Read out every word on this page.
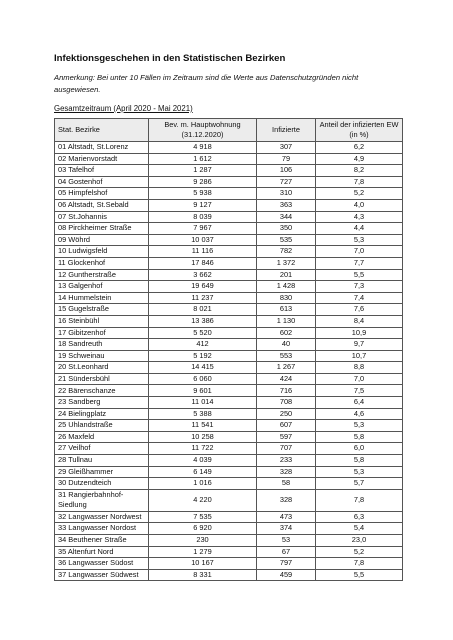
Infektionsgeschehen in den Statistischen Bezirken
Anmerkung: Bei unter 10 Fällen im Zeitraum sind die Werte aus Datenschutzgründen nicht ausgewiesen.
Gesamtzeitraum (April 2020 - Mai 2021)
Stat. Bezirke	Bev. m. Hauptwohnung (31.12.2020)	Infizierte	Anteil der infizierten EW (in %)
01 Altstadt, St.Lorenz	4 918	307	6,2
02 Marienvorstadt	1 612	79	4,9
03 Tafelhof	1 287	106	8,2
04 Gostenhof	9 286	727	7,8
05 Himpfelshof	5 938	310	5,2
06 Altstadt, St.Sebald	9 127	363	4,0
07 St.Johannis	8 039	344	4,3
08 Pirckheimer Straße	7 967	350	4,4
09 Wöhrd	10 037	535	5,3
10 Ludwigsfeld	11 116	782	7,0
11 Glockenhof	17 846	1 372	7,7
12 Guntherstraße	3 662	201	5,5
13 Galgenhof	19 649	1 428	7,3
14 Hummelstein	11 237	830	7,4
15 Gugelstraße	8 021	613	7,6
16 Steinbühl	13 386	1 130	8,4
17 Gibitzenhof	5 520	602	10,9
18 Sandreuth	412	40	9,7
19 Schweinau	5 192	553	10,7
20 St.Leonhard	14 415	1 267	8,8
21 Sündersbühl	6 060	424	7,0
22 Bärenschanze	9 601	716	7,5
23 Sandberg	11 014	708	6,4
24 Bielingplatz	5 388	250	4,6
25 Uhlandstraße	11 541	607	5,3
26 Maxfeld	10 258	597	5,8
27 Veilhof	11 722	707	6,0
28 Tullnau	4 039	233	5,8
29 Gleißhammer	6 149	328	5,3
30 Dutzendteich	1 016	58	5,7
31 Rangierbahnhof-Siedlung	4 220	328	7,8
32 Langwasser Nordwest	7 535	473	6,3
33 Langwasser Nordost	6 920	374	5,4
34 Beuthener Straße	230	53	23,0
35 Altenfurt Nord	1 279	67	5,2
36 Langwasser Südost	10 167	797	7,8
37 Langwasser Südwest	8 331	459	5,5
